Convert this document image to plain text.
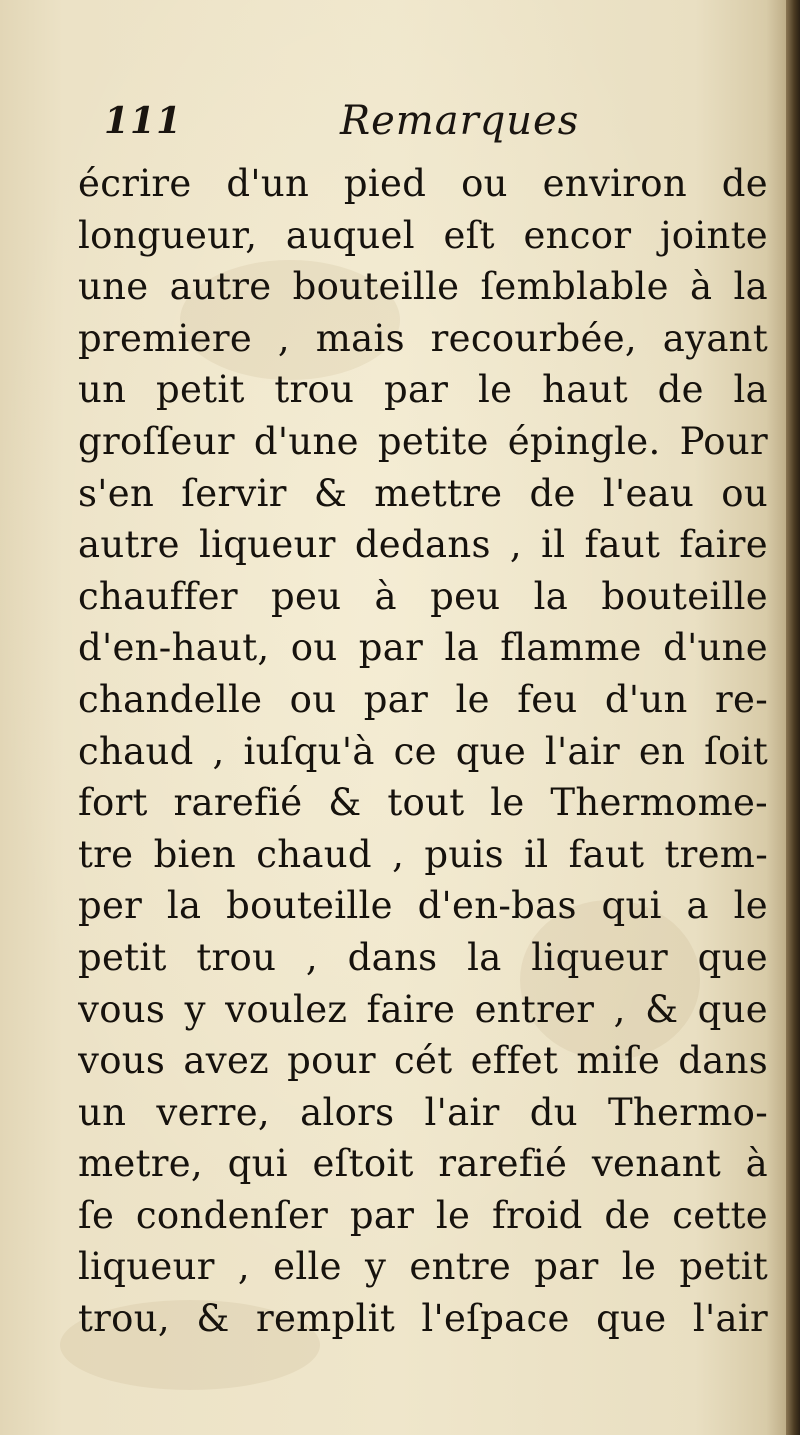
111	Remarques
écrire d'un pied ou environ de
longueur, auquel eſt encor jointe
une autre bouteille ſemblable à la
premiere , mais recourbée, ayant
un petit trou par le haut de la
groſſeur d'une petite épingle. Pour
s'en ſervir & mettre de l'eau ou
autre liqueur dedans , il faut faire
chauffer peu à peu la bouteille
d'en-haut, ou par la flamme d'une
chandelle ou par le feu d'un re-
chaud , iuſqu'à ce que l'air en ſoit
fort rarefié & tout le Thermome-
tre bien chaud , puis il faut trem-
per la bouteille d'en-bas qui a le
petit trou , dans la liqueur que
vous y voulez faire entrer , & que
vous avez pour cét effet miſe dans
un verre, alors l'air du Thermo-
metre, qui eſtoit rarefié venant à
ſe condenſer par le froid de cette
liqueur , elle y entre par le petit
trou, & remplit l'eſpace que l'air
